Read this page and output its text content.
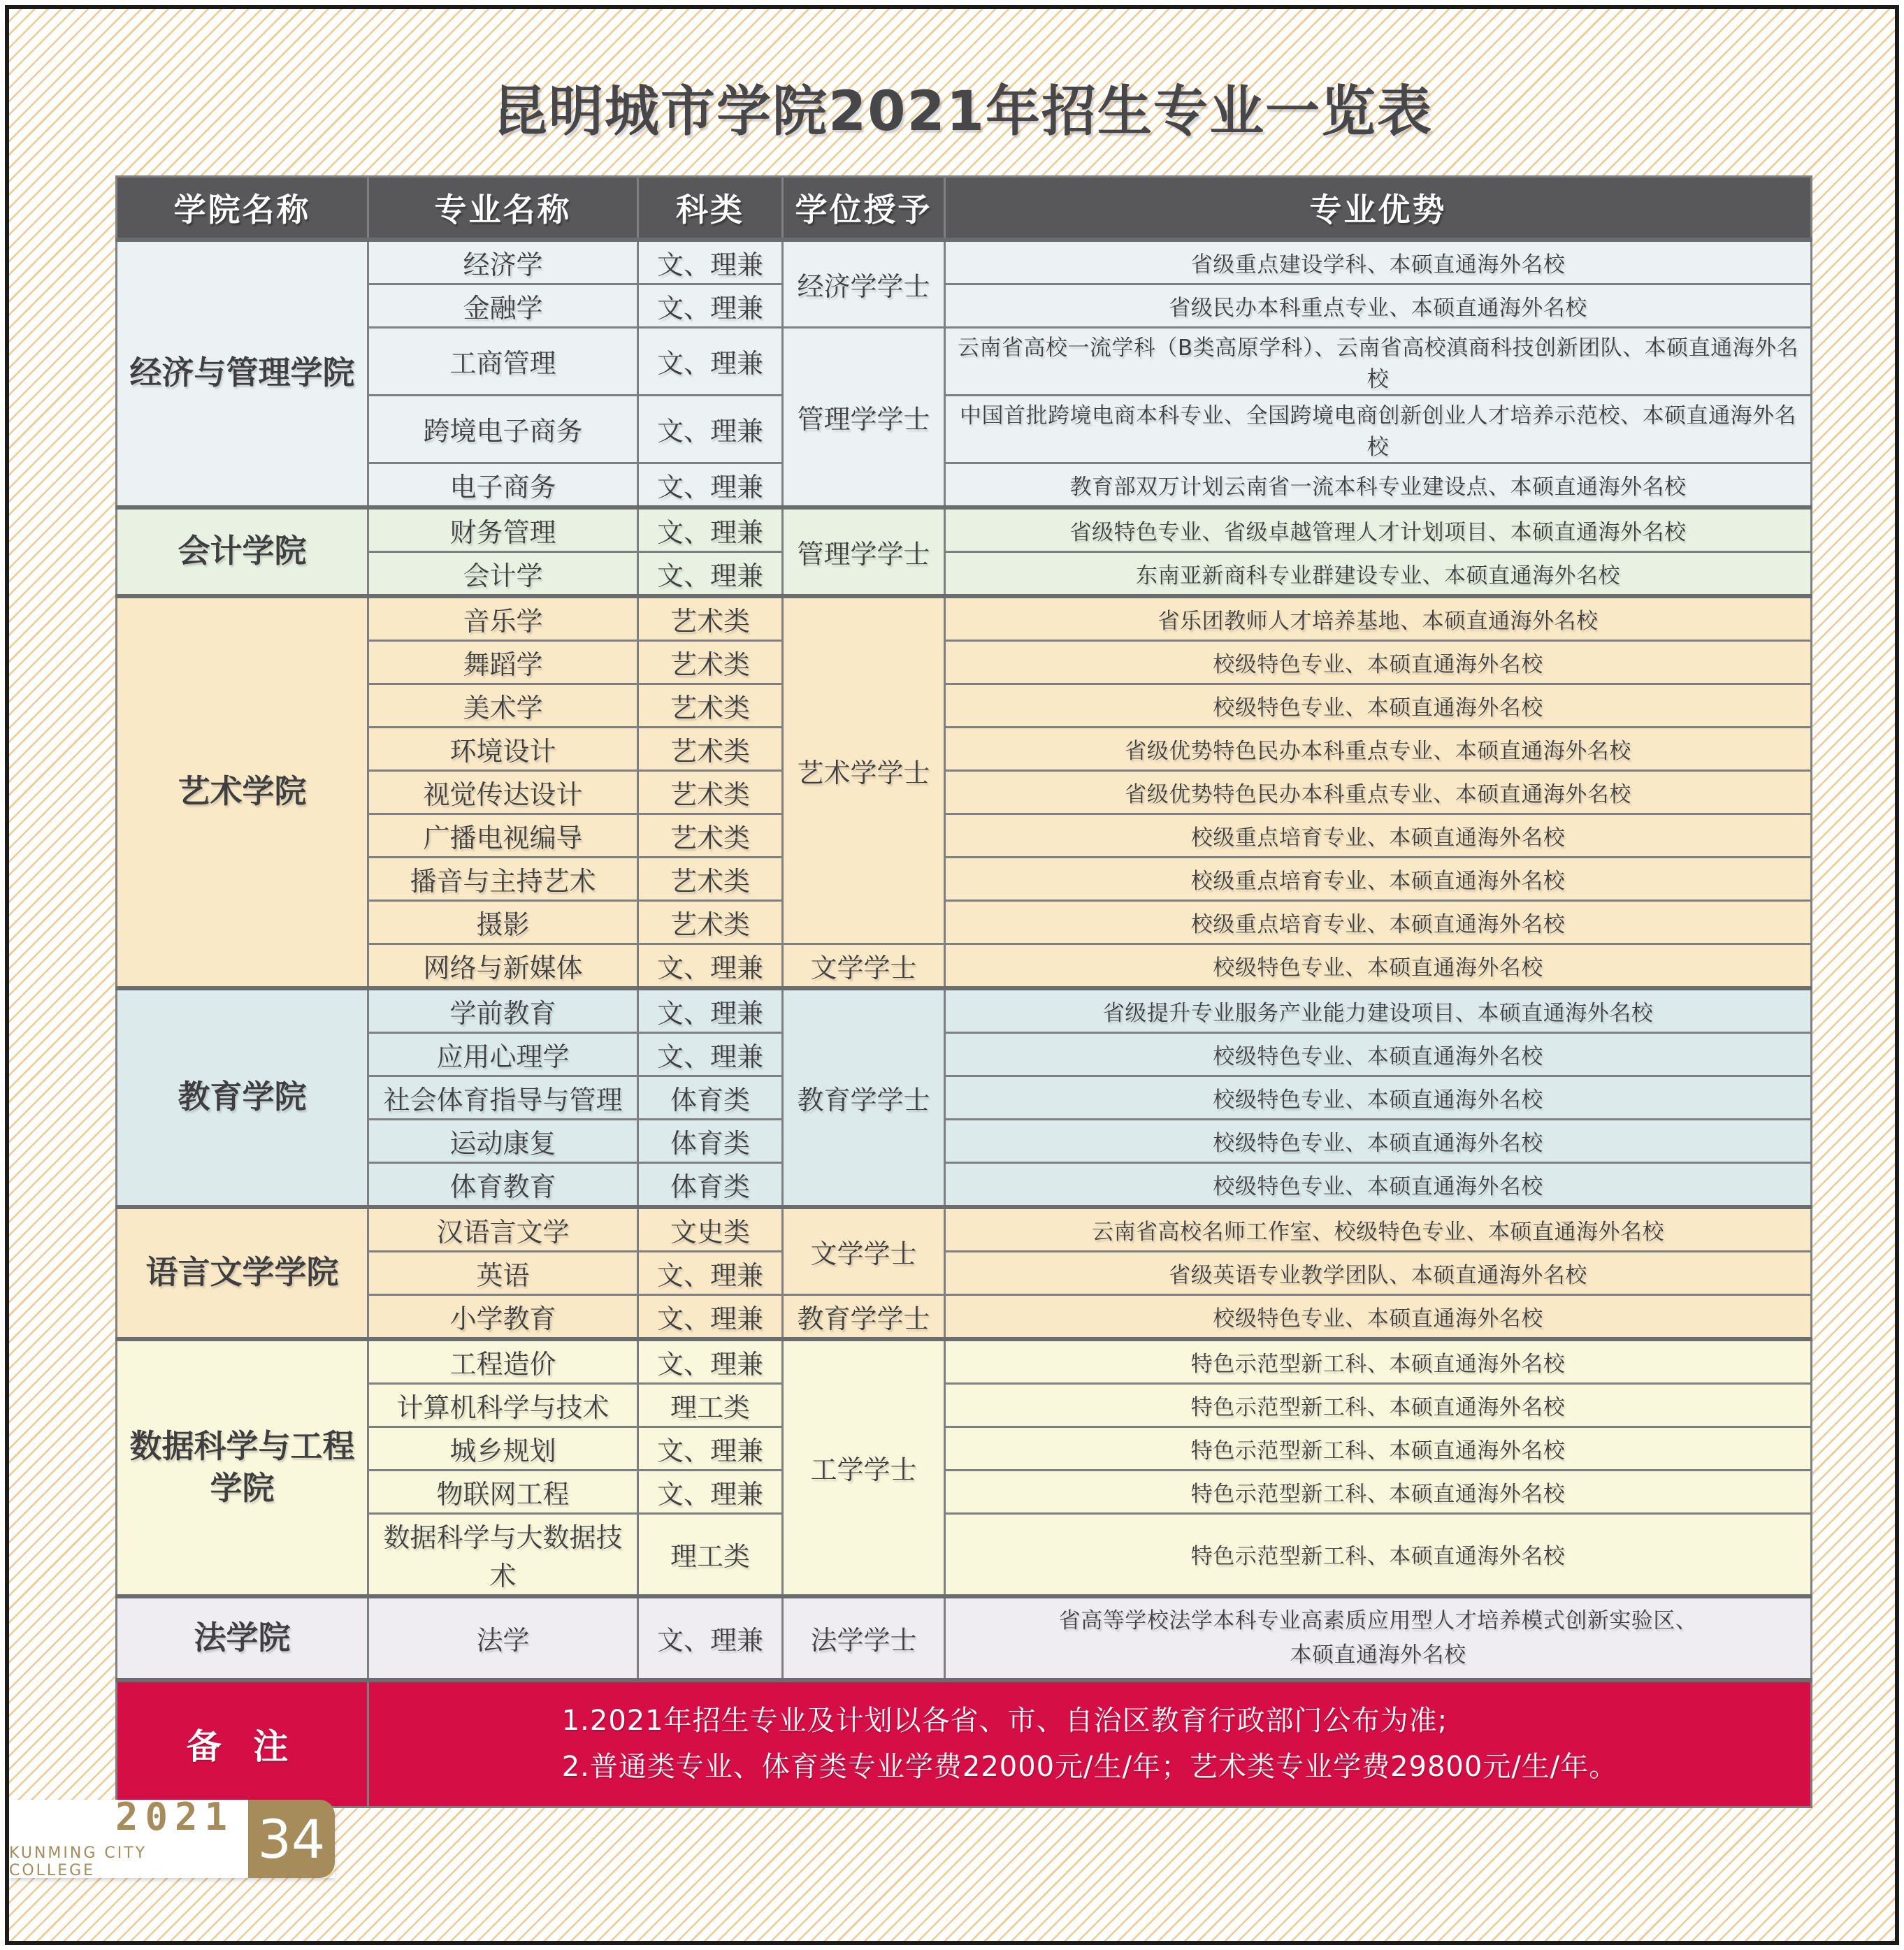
昆明城市学院2021年招生专业一览表
学院名称	专业名称	科类	学位授予	专业优势
经济与管理学院	经济学	文、理兼	经济学学士	省级重点建设学科、本硕直通海外名校
	金融学	文、理兼		省级民办本科重点专业、本硕直通海外名校
	工商管理	文、理兼	管理学学士	云南省高校一流学科（B类高原学科）、云南省高校滇商科技创新团队、本硕直通海外名校
	跨境电子商务	文、理兼		中国首批跨境电商本科专业、全国跨境电商创新创业人才培养示范校、本硕直通海外名校
	电子商务	文、理兼		教育部双万计划云南省一流本科专业建设点、本硕直通海外名校
会计学院	财务管理	文、理兼	管理学学士	省级特色专业、省级卓越管理人才计划项目、本硕直通海外名校
	会计学	文、理兼		东南亚新商科专业群建设专业、本硕直通海外名校
艺术学院	音乐学	艺术类	艺术学学士	省乐团教师人才培养基地、本硕直通海外名校
	舞蹈学	艺术类		校级特色专业、本硕直通海外名校
	美术学	艺术类		校级特色专业、本硕直通海外名校
	环境设计	艺术类		省级优势特色民办本科重点专业、本硕直通海外名校
	视觉传达设计	艺术类		省级优势特色民办本科重点专业、本硕直通海外名校
	广播电视编导	艺术类		校级重点培育专业、本硕直通海外名校
	播音与主持艺术	艺术类		校级重点培育专业、本硕直通海外名校
	摄影	艺术类		校级重点培育专业、本硕直通海外名校
	网络与新媒体	文、理兼	文学学士	校级特色专业、本硕直通海外名校
教育学院	学前教育	文、理兼	教育学学士	省级提升专业服务产业能力建设项目、本硕直通海外名校
	应用心理学	文、理兼		校级特色专业、本硕直通海外名校
	社会体育指导与管理	体育类		校级特色专业、本硕直通海外名校
	运动康复	体育类		校级特色专业、本硕直通海外名校
	体育教育	体育类		校级特色专业、本硕直通海外名校
语言文学学院	汉语言文学	文史类	文学学士	云南省高校名师工作室、校级特色专业、本硕直通海外名校
	英语	文、理兼		省级英语专业教学团队、本硕直通海外名校
	小学教育	文、理兼	教育学学士	校级特色专业、本硕直通海外名校
数据科学与工程学院	工程造价	文、理兼	工学学士	特色示范型新工科、本硕直通海外名校
	计算机科学与技术	理工类		特色示范型新工科、本硕直通海外名校
	城乡规划	文、理兼		特色示范型新工科、本硕直通海外名校
	物联网工程	文、理兼		特色示范型新工科、本硕直通海外名校
	数据科学与大数据技术	理工类		特色示范型新工科、本硕直通海外名校
法学院	法学	文、理兼	法学学士	省高等学校法学本科专业高素质应用型人才培养模式创新实验区、
本硕直通海外名校

备 注	1.2021年招生专业及计划以各省、市、自治区教育行政部门公布为准;
2.普通类专业、体育类专业学费22000元/生/年；艺术类专业学费29800元/生/年。			
2021
KUNMING CITY COLLEGE
34
